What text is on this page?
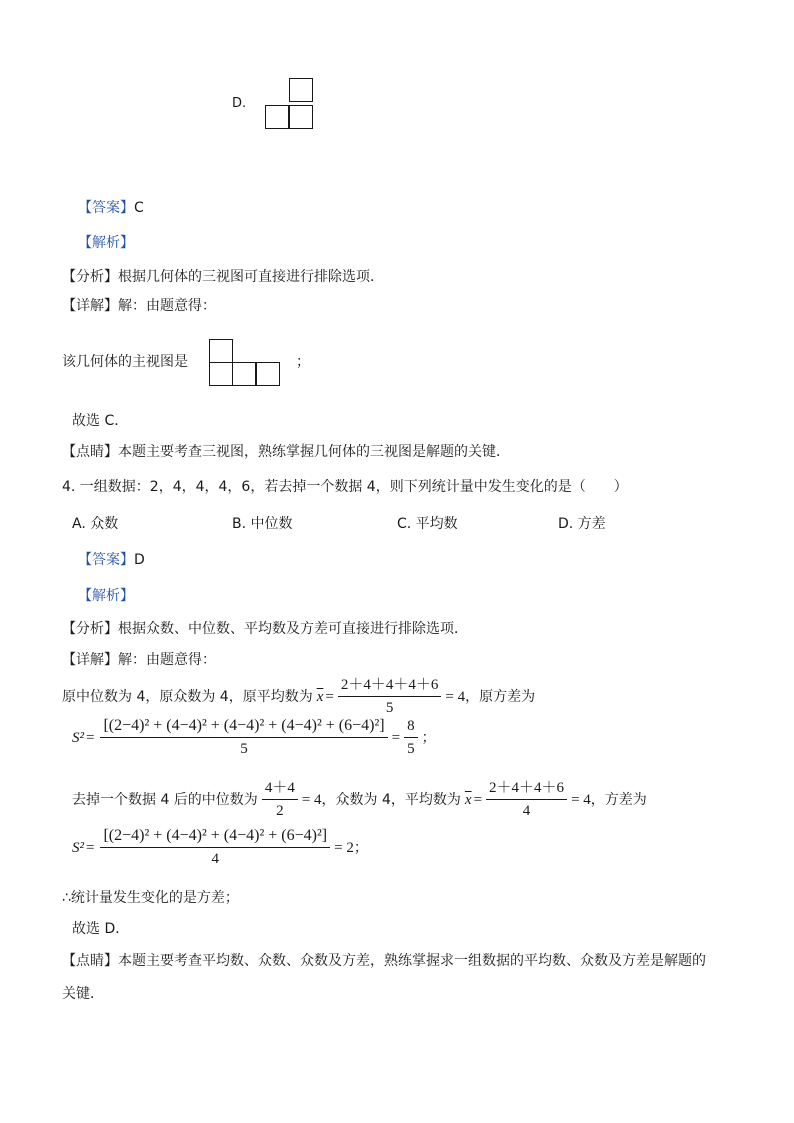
D.
【答案】C
【解析】
【分析】根据几何体的三视图可直接进行排除选项．
【详解】解：由题意得：
该几何体的主视图是	；
故选 C．
【点睛】本题主要考查三视图，熟练掌握几何体的三视图是解题的关键．
4. 一组数据：2，4，4，4，6，若去掉一个数据 4，则下列统计量中发生变化的是（　　）
A. 众数	B. 中位数	C. 平均数	D. 方差
【答案】D
【解析】
【分析】根据众数、中位数、平均数及方差可直接进行排除选项．
【详解】解：由题意得：
原中位数为 4，原众数为 4，原平均数为 $\overline{x} = \frac{2+4+4+4+6}{5} = 4$ ，原方差为
$S^2 = \frac{\text{[(2−4)² + (4−4)² + (4−4)² + (4−4)² + (6−4)²]}}{5} = \frac{8}{5}$ ；
去掉一个数据 4 后的中位数为 $\frac{4+4}{2} = 4$ ，众数为 4，平均数为 $\overline{x} = \frac{2+4+4+6}{4} = 4$ ，方差为
$S^2 = \frac{\text{[(2−4)² + (4−4)² + (4−4)² + (6−4)²]}}{4} = 2$ ；
∴统计量发生变化的是方差；
故选 D．
【点睛】本题主要考查平均数、众数、众数及方差，熟练掌握求一组数据的平均数、众数及方差是解题的
关键．
